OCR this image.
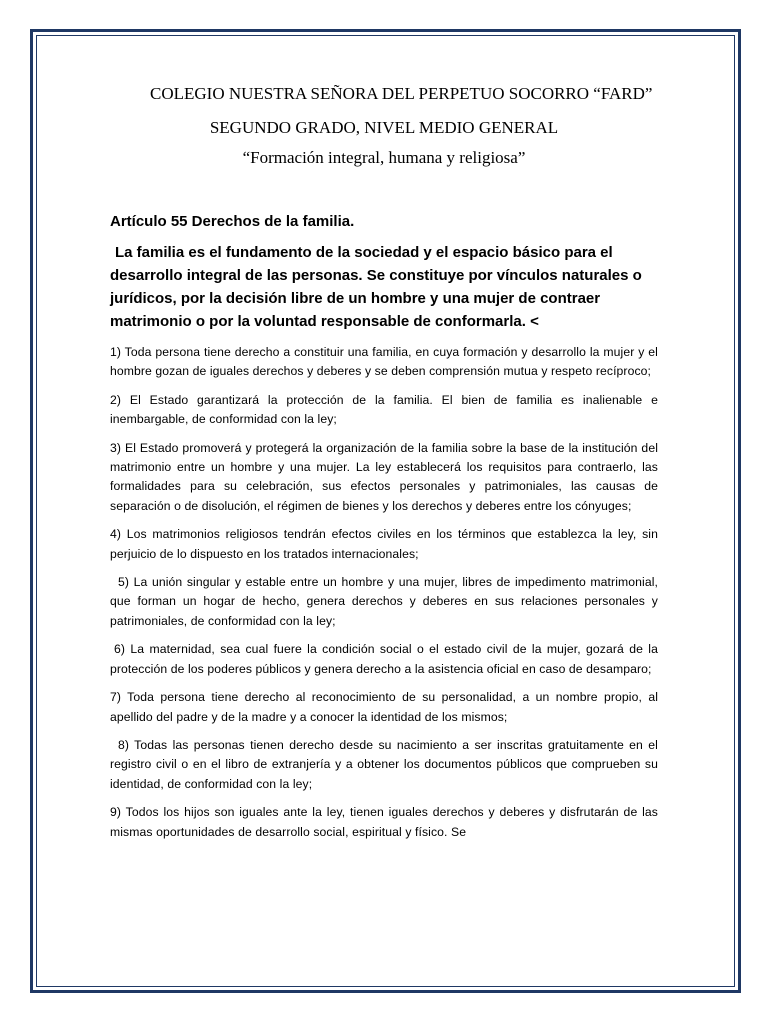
COLEGIO NUESTRA SEÑORA DEL PERPETUO SOCORRO “FARD”
SEGUNDO GRADO, NIVEL MEDIO GENERAL
“Formación integral, humana y religiosa”
Artículo 55 Derechos de la familia.
La familia es el fundamento de la sociedad y el espacio básico para el desarrollo integral de las personas. Se constituye por vínculos naturales o jurídicos, por la decisión libre de un hombre y una mujer de contraer matrimonio o por la voluntad responsable de conformarla. <

1) Toda persona tiene derecho a constituir una familia, en cuya formación y desarrollo la mujer y el hombre gozan de iguales derechos y deberes y se deben comprensión mutua y respeto recíproco;

2) El Estado garantizará la protección de la familia. El bien de familia es inalienable e inembargable, de conformidad con la ley;

3) El Estado promoverá y protegerá la organización de la familia sobre la base de la institución del matrimonio entre un hombre y una mujer. La ley establecerá los requisitos para contraerlo, las formalidades para su celebración, sus efectos personales y patrimoniales, las causas de separación o de disolución, el régimen de bienes y los derechos y deberes entre los cónyuges;

4) Los matrimonios religiosos tendrán efectos civiles en los términos que establezca la ley, sin perjuicio de lo dispuesto en los tratados internacionales;

5) La unión singular y estable entre un hombre y una mujer, libres de impedimento matrimonial, que forman un hogar de hecho, genera derechos y deberes en sus relaciones personales y patrimoniales, de conformidad con la ley;

6) La maternidad, sea cual fuere la condición social o el estado civil de la mujer, gozará de la protección de los poderes públicos y genera derecho a la asistencia oficial en caso de desamparo;

7) Toda persona tiene derecho al reconocimiento de su personalidad, a un nombre propio, al apellido del padre y de la madre y a conocer la identidad de los mismos;

8) Todas las personas tienen derecho desde su nacimiento a ser inscritas gratuitamente en el registro civil o en el libro de extranjería y a obtener los documentos públicos que comprueben su identidad, de conformidad con la ley;

9) Todos los hijos son iguales ante la ley, tienen iguales derechos y deberes y disfrutarán de las mismas oportunidades de desarrollo social, espiritual y físico. Se
